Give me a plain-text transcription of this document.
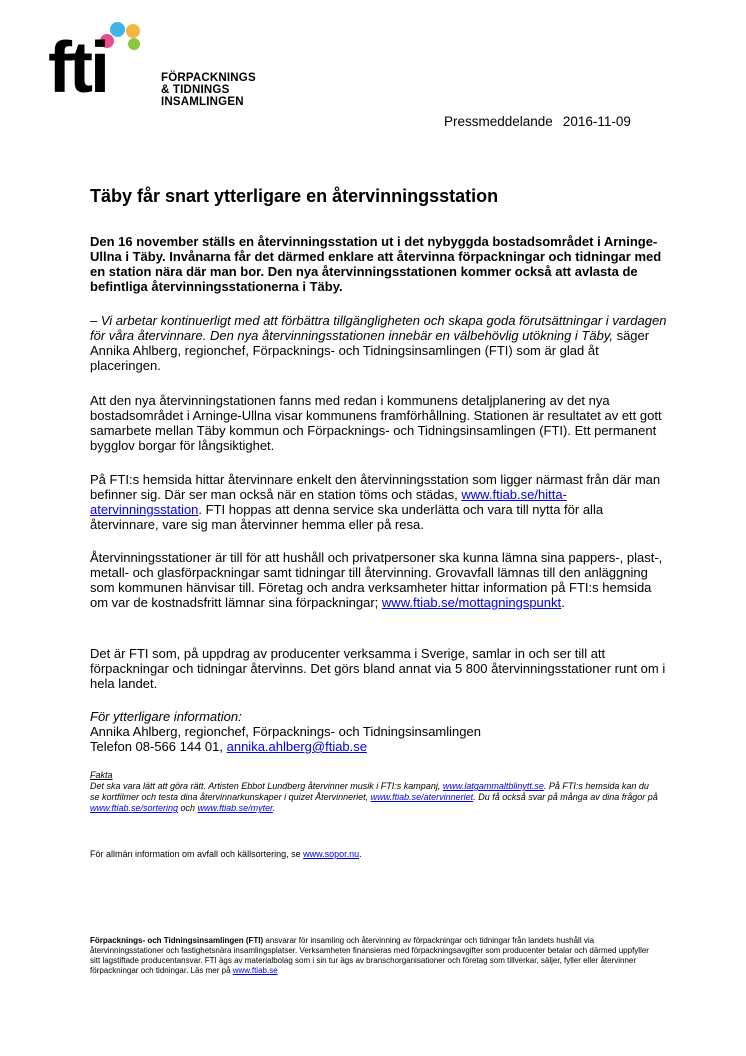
fti	FÖRPACKNINGS
& TIDNINGS
INSAMLINGEN
Pressmeddelande 2016-11-09
Täby får snart ytterligare en återvinningsstation

Den 16 november ställs en återvinningsstation ut i det nybyggda bostadsområdet i Arninge-Ullna i Täby. Invånarna får det därmed enklare att återvinna förpackningar och tidningar med en station nära där man bor. Den nya återvinningsstationen kommer också att avlasta de befintliga återvinningsstationerna i Täby.

– Vi arbetar kontinuerligt med att förbättra tillgängligheten och skapa goda förutsättningar i vardagen för våra återvinnare. Den nya återvinningsstationen innebär en välbehövlig utökning i Täby, säger Annika Ahlberg, regionchef, Förpacknings- och Tidningsinsamlingen (FTI) som är glad åt placeringen.

Att den nya återvinningstationen fanns med redan i kommunens detaljplanering av det nya bostadsområdet i Arninge-Ullna visar kommunens framförhållning. Stationen är resultatet av ett gott samarbete mellan Täby kommun och Förpacknings- och Tidningsinsamlingen (FTI). Ett permanent bygglov borgar för långsiktighet.

På FTI:s hemsida hittar återvinnare enkelt den återvinningsstation som ligger närmast från där man befinner sig. Där ser man också när en station töms och städas, www.ftiab.se/hitta-atervinningsstation. FTI hoppas att denna service ska underlätta och vara till nytta för alla återvinnare, vare sig man återvinner hemma eller på resa.

Återvinningsstationer är till för att hushåll och privatpersoner ska kunna lämna sina pappers-, plast-, metall- och glasförpackningar samt tidningar till återvinning. Grovavfall lämnas till den anläggning som kommunen hänvisar till. Företag och andra verksamheter hittar information på FTI:s hemsida om var de kostnadsfritt lämnar sina förpackningar; www.ftiab.se/mottagningspunkt.

Det är FTI som, på uppdrag av producenter verksamma i Sverige, samlar in och ser till att förpackningar och tidningar återvinns. Det görs bland annat via 5 800 återvinningsstationer runt om i hela landet.

För ytterligare information:
Annika Ahlberg, regionchef, Förpacknings- och Tidningsinsamlingen
Telefon 08-566 144 01, annika.ahlberg@ftiab.se
Fakta
Det ska vara lätt att göra rätt. Artisten Ebbot Lundberg återvinner musik i FTI:s kampanj, www.latgammaltblinytt.se. På FTI:s hemsida kan du se kortfilmer och testa dina återvinnarkunskaper i quizet Återvinneriet, www.ftiab.se/atervinneriet. Du få också svar på många av dina frågor på www.ftiab.se/sortering och www.ftiab.se/myter.
För allmän information om avfall och källsortering, se www.sopor.nu.
Förpacknings- och Tidningsinsamlingen (FTI) ansvarar för insamling och återvinning av förpackningar och tidningar från landets hushåll via återvinningsstationer och fastighetsnära insamlingsplatser. Verksamheten finansieras med förpackningsavgifter som producenter betalar och därmed uppfyller sitt lagstiftade producentansvar. FTI ägs av materialbolag som i sin tur ägs av branschorganisationer och företag som tillverkar, säljer, fyller eller återvinner förpackningar och tidningar. Läs mer på www.ftiab.se
